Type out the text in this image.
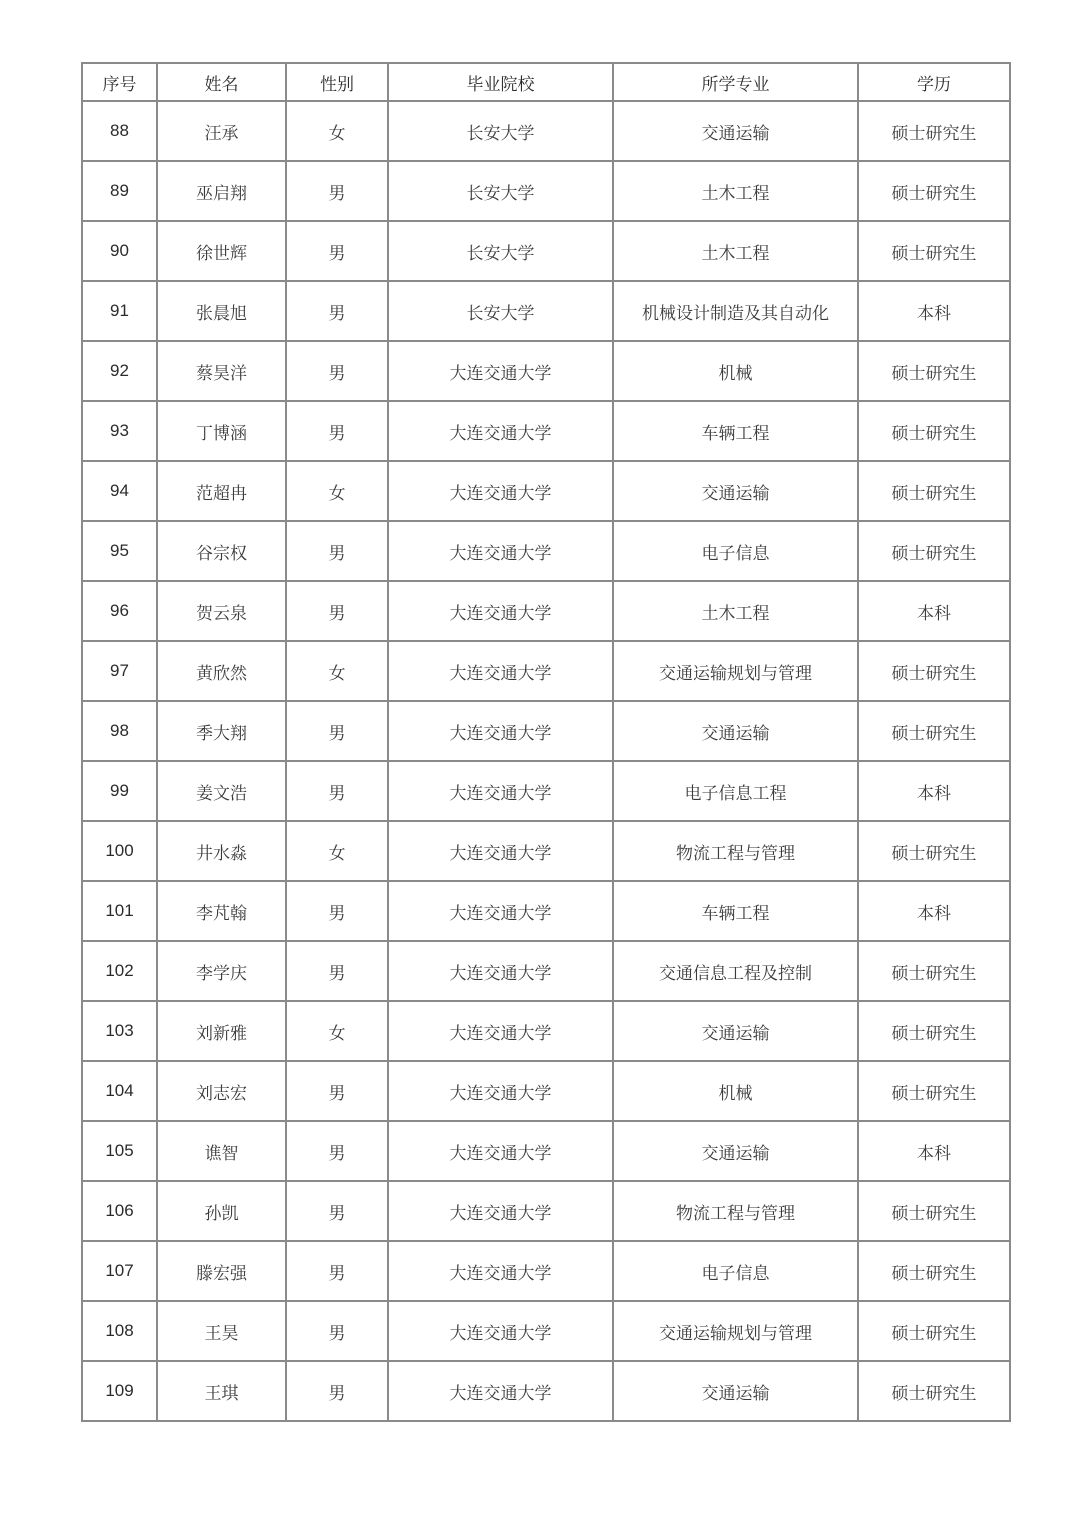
序号	姓名	性别	毕业院校	所学专业	学历
88	汪承	女	长安大学	交通运输	硕士研究生
89	巫启翔	男	长安大学	土木工程	硕士研究生
90	徐世辉	男	长安大学	土木工程	硕士研究生
91	张晨旭	男	长安大学	机械设计制造及其自动化	本科
92	蔡昊洋	男	大连交通大学	机械	硕士研究生
93	丁博涵	男	大连交通大学	车辆工程	硕士研究生
94	范超冉	女	大连交通大学	交通运输	硕士研究生
95	谷宗权	男	大连交通大学	电子信息	硕士研究生
96	贺云泉	男	大连交通大学	土木工程	本科
97	黄欣然	女	大连交通大学	交通运输规划与管理	硕士研究生
98	季大翔	男	大连交通大学	交通运输	硕士研究生
99	姜文浩	男	大连交通大学	电子信息工程	本科
100	井水淼	女	大连交通大学	物流工程与管理	硕士研究生
101	李芃翰	男	大连交通大学	车辆工程	本科
102	李学庆	男	大连交通大学	交通信息工程及控制	硕士研究生
103	刘新雅	女	大连交通大学	交通运输	硕士研究生
104	刘志宏	男	大连交通大学	机械	硕士研究生
105	谯智	男	大连交通大学	交通运输	本科
106	孙凯	男	大连交通大学	物流工程与管理	硕士研究生
107	滕宏强	男	大连交通大学	电子信息	硕士研究生
108	王昊	男	大连交通大学	交通运输规划与管理	硕士研究生
109	王琪	男	大连交通大学	交通运输	硕士研究生
